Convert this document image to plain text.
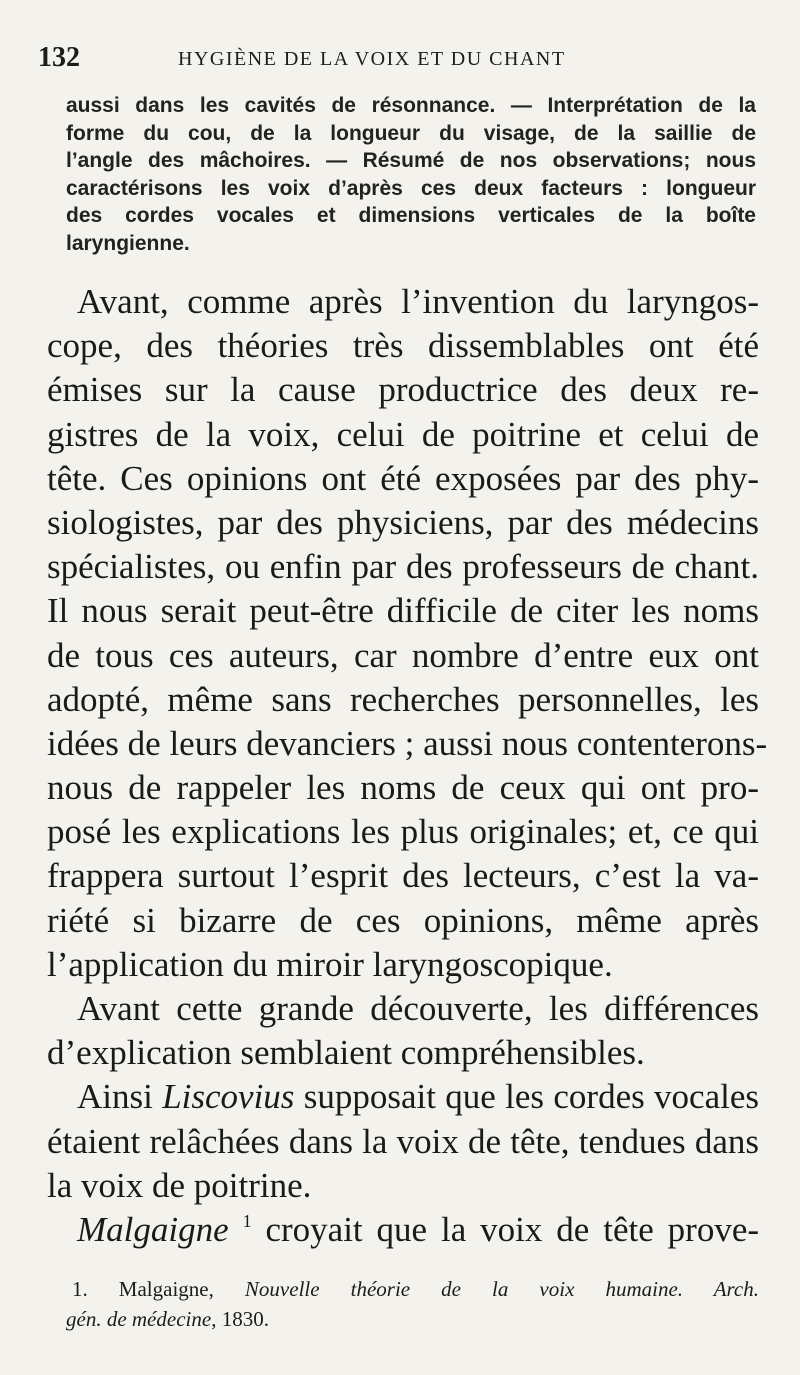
132	HYGIÈNE DE LA VOIX ET DU CHANT
aussi dans les cavités de résonnance. — Interprétation de la
forme du cou, de la longueur du visage, de la saillie de
l’angle des mâchoires. — Résumé de nos observations; nous
caractérisons les voix d’après ces deux facteurs : longueur
des cordes vocales et dimensions verticales de la boîte
laryngienne.
Avant, comme après l’invention du laryngos-
cope, des théories très dissemblables ont été
émises sur la cause productrice des deux re-
gistres de la voix, celui de poitrine et celui de
tête. Ces opinions ont été exposées par des phy-
siologistes, par des physiciens, par des médecins
spécialistes, ou enfin par des professeurs de chant.
Il nous serait peut-être difficile de citer les noms
de tous ces auteurs, car nombre d’entre eux ont
adopté, même sans recherches personnelles, les
idées de leurs devanciers ; aussi nous contenterons-
nous de rappeler les noms de ceux qui ont pro-
posé les explications les plus originales; et, ce qui
frappera surtout l’esprit des lecteurs, c’est la va-
riété si bizarre de ces opinions, même après
l’application du miroir laryngoscopique.
Avant cette grande découverte, les différences
d’explication semblaient compréhensibles.
Ainsi Liscovius supposait que les cordes vocales
étaient relâchées dans la voix de tête, tendues dans
la voix de poitrine.
Malgaigne $^1$ croyait que la voix de tête prove-
1. Malgaigne, Nouvelle théorie de la voix humaine. Arch.
gén. de médecine, 1830.
